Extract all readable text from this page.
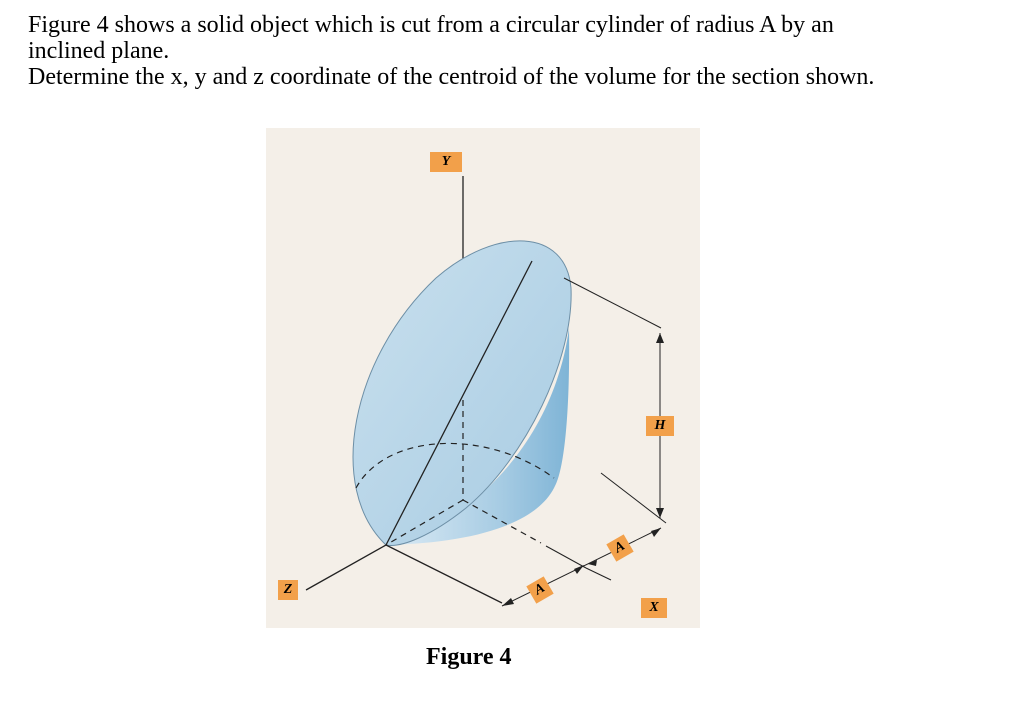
Figure 4 shows a solid object which is cut from a circular cylinder of radius A by an

inclined plane.

Determine the x, y and z coordinate of the centroid of the volume for the section shown.

Y
Z
X
H
A
A
Figure 4
